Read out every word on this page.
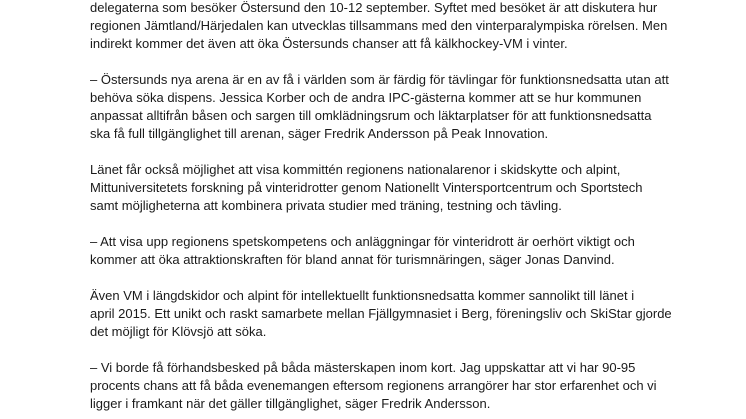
delegaterna som besöker Östersund den 10-12 september. Syftet med besöket är att diskutera hur
regionen Jämtland/Härjedalen kan utvecklas tillsammans med den vinterparalympiska rörelsen. Men
indirekt kommer det även att öka Östersunds chanser att få kälkhockey-VM i vinter.

– Östersunds nya arena är en av få i världen som är färdig för tävlingar för funktionsnedsatta utan att
behöva söka dispens. Jessica Korber och de andra IPC-gästerna kommer att se hur kommunen
anpassat alltifrån båsen och sargen till omklädningsrum och läktarplatser för att funktionsnedsatta
ska få full tillgänglighet till arenan, säger Fredrik Andersson på Peak Innovation.

Länet får också möjlighet att visa kommittén regionens nationalarenor i skidskytte och alpint,
Mittuniversitetets forskning på vinteridrotter genom Nationellt Vintersportcentrum och Sportstech
samt möjligheterna att kombinera privata studier med träning, testning och tävling.

– Att visa upp regionens spetskompetens och anläggningar för vinteridrott är oerhört viktigt och
kommer att öka attraktionskraften för bland annat för turismnäringen, säger Jonas Danvind.

Även VM i längdskidor och alpint för intellektuellt funktionsnedsatta kommer sannolikt till länet i
april 2015. Ett unikt och raskt samarbete mellan Fjällgymnasiet i Berg, föreningsliv och SkiStar gjorde
det möjligt för Klövsjö att söka.

– Vi borde få förhandsbesked på båda mästerskapen inom kort. Jag uppskattar att vi har 90-95
procents chans att få båda evenemangen eftersom regionens arrangörer har stor erfarenhet och vi
ligger i framkant när det gäller tillgänglighet, säger Fredrik Andersson.
